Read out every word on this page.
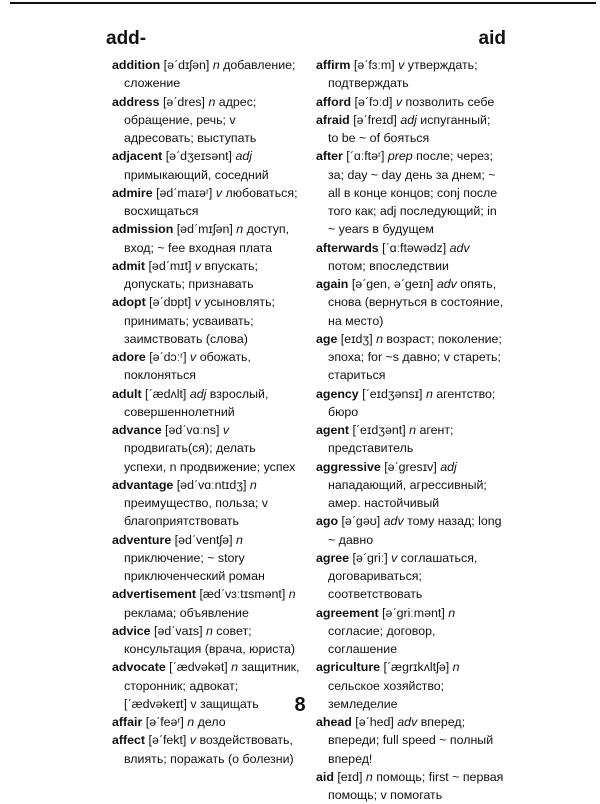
add-	aid

addition [əˊdɪʃən] n добавление; сложение

address [əˊdres] n адрес; обращение, речь; v адресовать; выступать

adjacent [əˊdʒeɪsənt] adj примыкающий, соседний

admire [ədˊmaɪəʳ] v любоваться; восхищаться

admission [ədˊmɪʃən] n доступ, вход; ~ fee входная плата

admit [ədˊmɪt] v впускать; допускать; признавать

adopt [əˊdɒpt] v усыновлять; принимать; усваивать; заимствовать (слова)

adore [əˊdɔːʳ] v обожать, поклоняться

adult [ˊædʌlt] adj взрослый, совершеннолетний

advance [ədˊvɑːns] v продвигать(ся); делать успехи, n продвижение; успех

advantage [ədˊvɑːntɪdʒ] n преимущество, польза; v благоприятствовать

adventure [ədˊventʃə] n приключение; ~ story приключенческий роман

advertisement [ædˊvɜːtɪsmənt] n реклама; объявление

advice [ədˊvaɪs] n совет; консультация (врача, юриста)

advocate [ˊædvəkət] n защитник, сторонник; адвокат; [ˊædvəkeɪt] v защищать

affair [əˊfeəʳ] n дело

affect [əˊfekt] v воздействовать, влиять; поражать (о болезни)

affirm [əˊfɜːm] v утверждать; подтверждать

afford [əˊfɔːd] v позволить себе

afraid [əˊfreɪd] adj испуганный; to be ~ of бояться

after [ˊɑːftəʳ] prep после; через; за; day ~ day день за днем; ~ all в конце концов; conj после того как; adj последующий; in ~ years в будущем

afterwards [ˊɑːftəwədz] adv потом; впоследствии

again [əˊgen, əˊgeɪn] adv опять, снова (вернуться в состояние, на место)

age [eɪdʒ] n возраст; поколение; эпоха; for ~s давно; v стареть; стариться

agency [ˊeɪdʒənsɪ] n агентство; бюро

agent [ˊeɪdʒənt] n агент; представитель

aggressive [əˊgresɪv] adj нападающий, агрессивный; амер. настойчивый

ago [əˊgəʊ] adv тому назад; long ~ давно

agree [əˊgriː] v соглашаться, договариваться; соответствовать

agreement [əˊgriːmənt] n согласие; договор, соглашение

agriculture [ˊægrɪkʌltʃə] n сельское хозяйство; земледелие

ahead [əˊhed] adv вперед; впереди; full speed ~ полный вперед!

aid [eɪd] n помощь; first ~ первая помощь; v помогать

8
